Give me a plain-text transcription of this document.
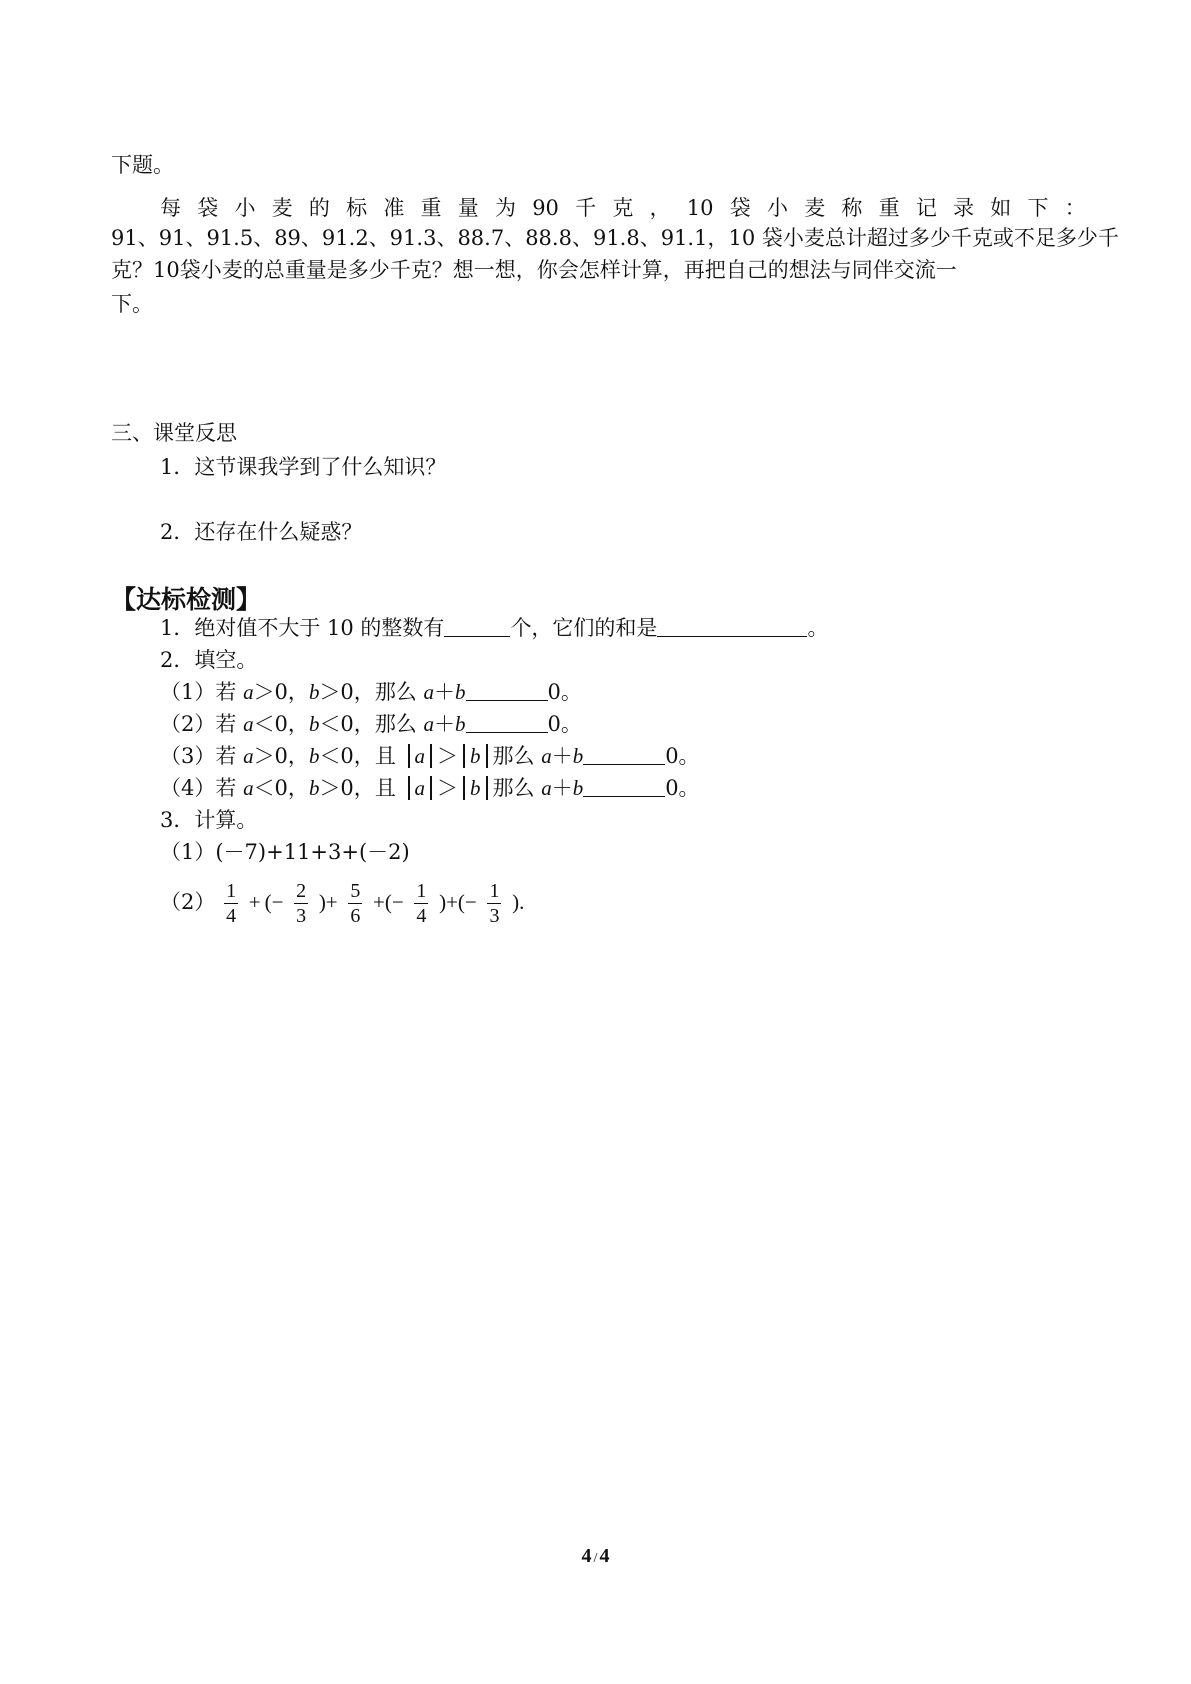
下题。
每 袋 小 麦 的 标 准 重 量 为 90 千 克 ， 10 袋 小 麦 称 重 记 录 如 下 ：
91、91、91.5、89、91.2、91.3、88.7、88.8、91.8、91.1，10 袋小麦总计超过多少千克或不足多少千
克？10袋小麦的总重量是多少千克？想一想，你会怎样计算，再把自己的想法与同伴交流一
下。
三、课堂反思
1．这节课我学到了什么知识？
2．还存在什么疑惑？
【达标检测】
1．绝对值不大于 10 的整数有	个，它们的和是	。
2．填空。
（1）若 a＞0，b＞0，那么 a＋b	0。
（2）若 a＜0，b＜0，那么 a＋b	0。
（3）若 a＞0，b＜0，且 a ＞ b 那么 a＋b	0。
（4）若 a＜0，b＞0，且 a ＞ b 那么 a＋b	0。
3．计算。
（1）(－7)+11+3+(－2)
$(2) \frac{1}{4}$ + (− $\frac{2}{3}$ )+ $\frac{5}{6}$ +(− $\frac{1}{4}$ )+(− $\frac{1}{3}$ ).
4 / 4
